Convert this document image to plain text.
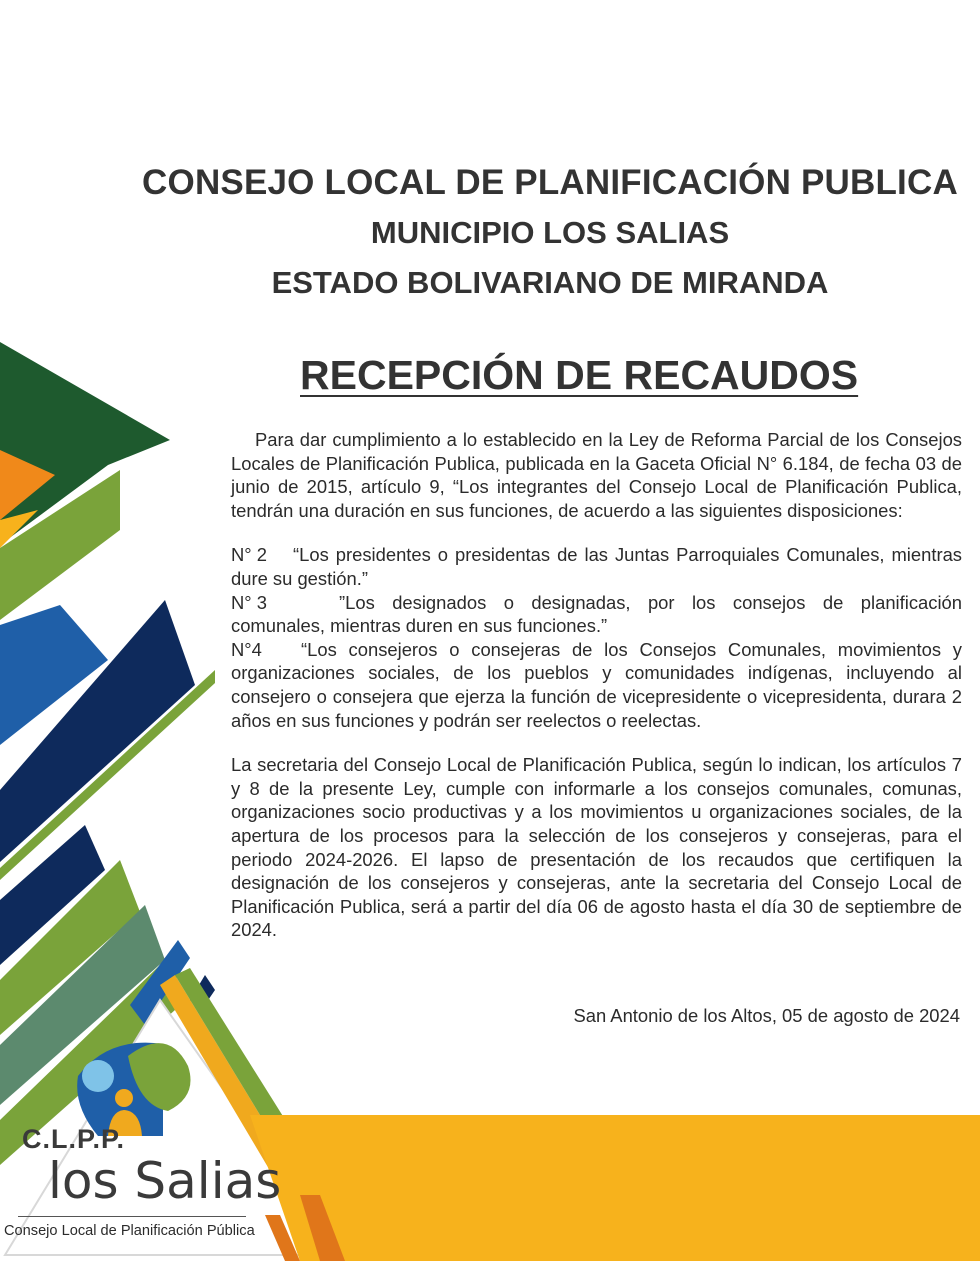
CONSEJO LOCAL DE PLANIFICACIÓN PUBLICA
MUNICIPIO LOS SALIAS
ESTADO BOLIVARIANO DE MIRANDA
RECEPCIÓN DE RECAUDOS

Para dar cumplimiento a lo establecido en la Ley de Reforma Parcial de los Consejos Locales de Planificación Publica, publicada en la Gaceta Oficial N° 6.184, de fecha 03 de junio de 2015, artículo 9, “Los integrantes del Consejo Local de Planificación Publica, tendrán una duración en sus funciones, de acuerdo a las siguientes disposiciones:

N° 2 “Los presidentes o presidentas de las Juntas Parroquiales Comunales, mientras dure su gestión.”

N° 3	”Los designados o designadas, por los consejos de planificación comunales, mientras duren en sus funciones.”

N°4 “Los consejeros o consejeras de los Consejos Comunales, movimientos y organizaciones sociales, de los pueblos y comunidades indígenas, incluyendo al consejero o consejera que ejerza la función de vicepresidente o vicepresidenta, durara 2 años en sus funciones y podrán ser reelectos o reelectas.

La secretaria del Consejo Local de Planificación Publica, según lo indican, los artículos 7 y 8 de la presente Ley, cumple con informarle a los consejos comunales, comunas, organizaciones socio productivas y a los movimientos u organizaciones sociales, de la apertura de los procesos para la selección de los consejeros y consejeras, para el periodo 2024-2026. El lapso de presentación de los recaudos que certifiquen la designación de los consejeros y consejeras, ante la secretaria del Consejo Local de Planificación Publica, será a partir del día 06 de agosto hasta el día 30 de septiembre de 2024.

San Antonio de los Altos, 05 de agosto de 2024
C.L.P.P.
los Salias
Consejo Local de Planificación Pública
